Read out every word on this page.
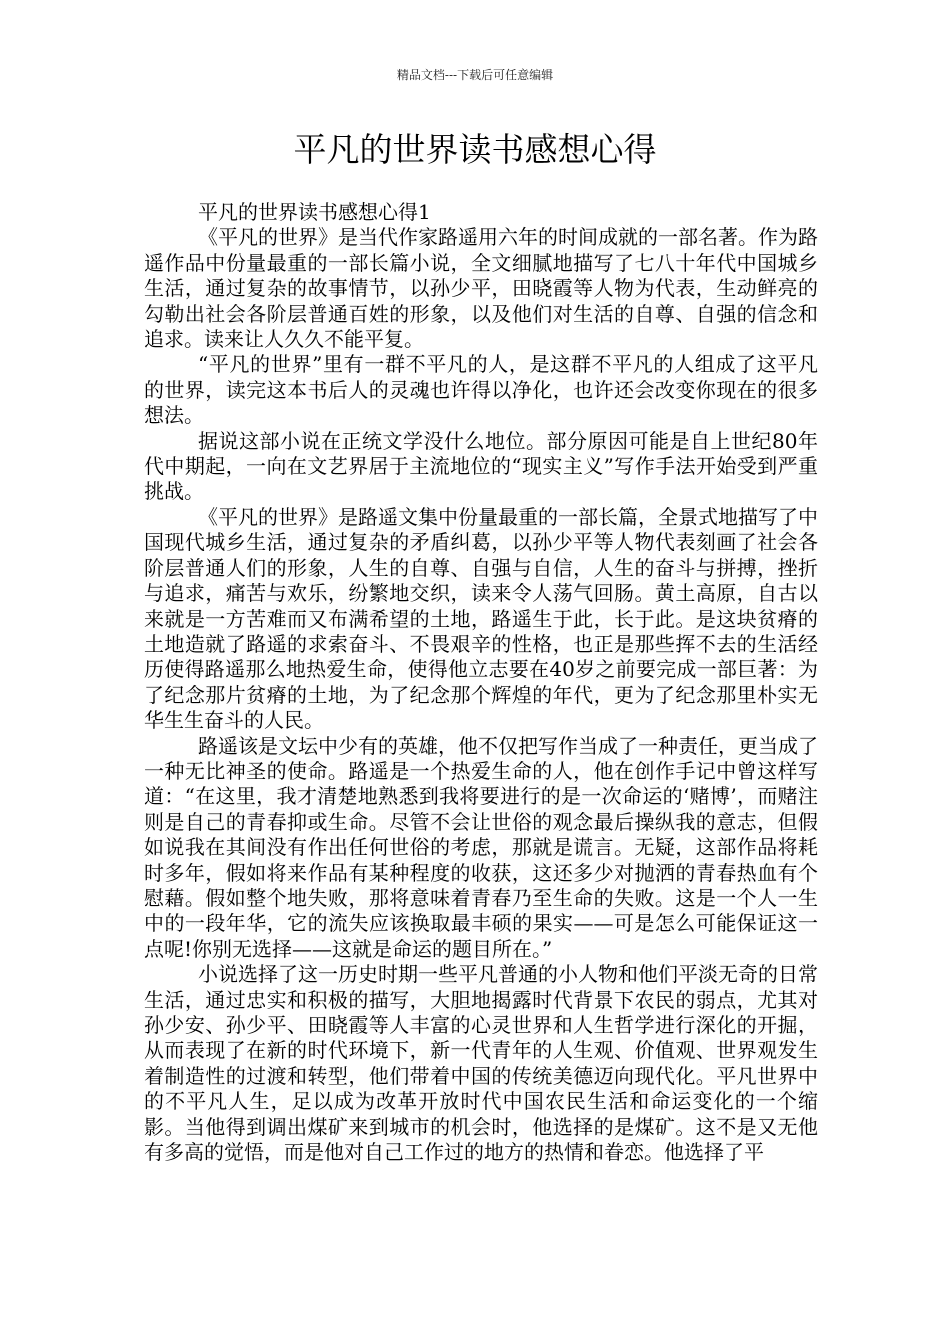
精品文档---下载后可任意编辑
平凡的世界读书感想心得

平凡的世界读书感想心得1

《平凡的世界》是当代作家路遥用六年的时间成就的一部名著。作为路遥作品中份量最重的一部长篇小说，全文细腻地描写了七八十年代中国城乡生活，通过复杂的故事情节，以孙少平，田晓霞等人物为代表，生动鲜亮的勾勒出社会各阶层普通百姓的形象，以及他们对生活的自尊、自强的信念和追求。读来让人久久不能平复。

“平凡的世界”里有一群不平凡的人，是这群不平凡的人组成了这平凡的世界，读完这本书后人的灵魂也许得以净化，也许还会改变你现在的很多想法。

据说这部小说在正统文学没什么地位。部分原因可能是自上世纪80年代中期起，一向在文艺界居于主流地位的“现实主义”写作手法开始受到严重挑战。

《平凡的世界》是路遥文集中份量最重的一部长篇，全景式地描写了中国现代城乡生活，通过复杂的矛盾纠葛，以孙少平等人物代表刻画了社会各阶层普通人们的形象，人生的自尊、自强与自信，人生的奋斗与拼搏，挫折与追求，痛苦与欢乐，纷繁地交织，读来令人荡气回肠。黄土高原，自古以来就是一方苦难而又布满希望的土地，路遥生于此，长于此。是这块贫瘠的土地造就了路遥的求索奋斗、不畏艰辛的性格，也正是那些挥不去的生活经历使得路遥那么地热爱生命，使得他立志要在40岁之前要完成一部巨著：为了纪念那片贫瘠的土地，为了纪念那个辉煌的年代，更为了纪念那里朴实无华生生奋斗的人民。

路遥该是文坛中少有的英雄，他不仅把写作当成了一种责任，更当成了一种无比神圣的使命。路遥是一个热爱生命的人，他在创作手记中曾这样写道：“在这里，我才清楚地熟悉到我将要进行的是一次命运的‘赌博’，而赌注则是自己的青春抑或生命。尽管不会让世俗的观念最后操纵我的意志，但假如说我在其间没有作出任何世俗的考虑，那就是谎言。无疑，这部作品将耗时多年，假如将来作品有某种程度的收获，这还多少对抛洒的青春热血有个慰藉。假如整个地失败，那将意味着青春乃至生命的失败。这是一个人一生中的一段年华，它的流失应该换取最丰硕的果实——可是怎么可能保证这一点呢!你别无选择——这就是命运的题目所在。”

小说选择了这一历史时期一些平凡普通的小人物和他们平淡无奇的日常生活，通过忠实和积极的描写，大胆地揭露时代背景下农民的弱点，尤其对孙少安、孙少平、田晓霞等人丰富的心灵世界和人生哲学进行深化的开掘，从而表现了在新的时代环境下，新一代青年的人生观、价值观、世界观发生着制造性的过渡和转型，他们带着中国的传统美德迈向现代化。平凡世界中的不平凡人生，足以成为改革开放时代中国农民生活和命运变化的一个缩影。当他得到调出煤矿来到城市的机会时，他选择的是煤矿。这不是又无他有多高的觉悟，而是他对自己工作过的地方的热情和眷恋。他选择了平
